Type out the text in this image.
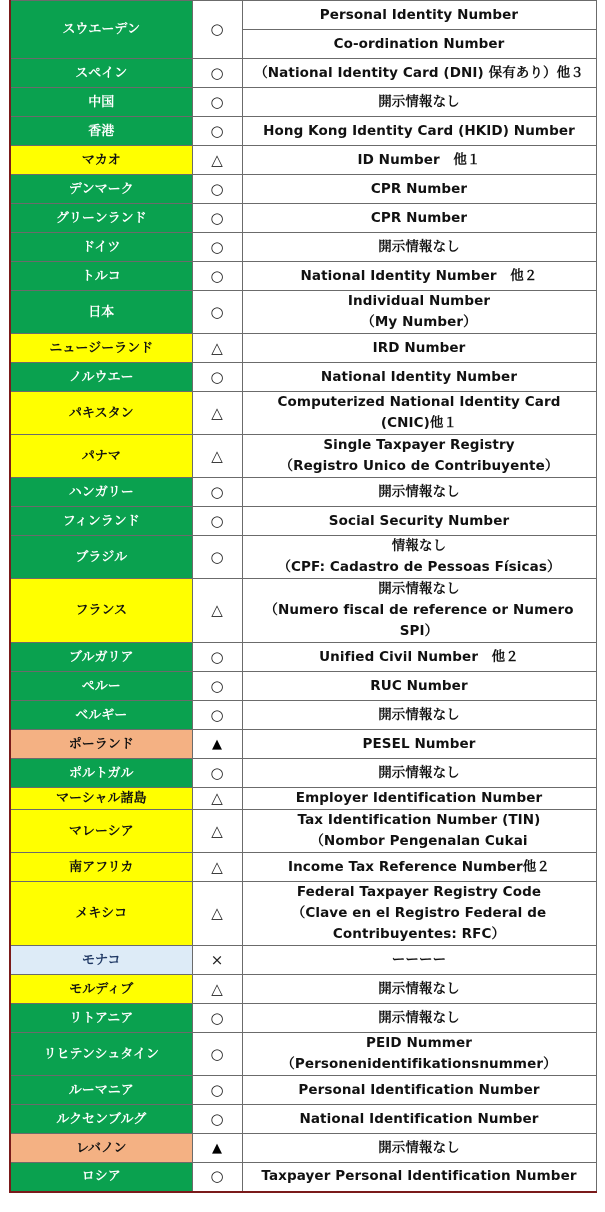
スウエーデン	○	Personal Identity Number

		Co-ordination Number

スペイン	○	（National Identity Card (DNI) 保有あり）他３

中国	○	開示情報なし

香港	○	Hong Kong Identity Card (HKID) Number

マカオ	△	ID Number　他１

デンマーク	○	CPR Number

グリーンランド	○	CPR Number

ドイツ	○	開示情報なし

トルコ	○	National Identity Number　他２

日本	○	Individual Number
（My Number）

ニュージーランド	△	IRD Number

ノルウエー	○	National Identity Number

パキスタン	△	Computerized National Identity Card
(CNIC)他１

パナマ	△	Single Taxpayer Registry
（Registro Unico de Contribuyente）

ハンガリー	○	開示情報なし

フィンランド	○	Social Security Number

ブラジル	○	情報なし
（CPF: Cadastro de Pessoas Físicas）

フランス	△	開示情報なし
（Numero fiscal de reference or Numero
SPI）

ブルガリア	○	Unified Civil Number　他２

ペルー	○	RUC Number

ベルギー	○	開示情報なし

ポーランド	▲	PESEL Number

ポルトガル	○	開示情報なし

マーシャル諸島	△	Employer Identification Number

マレーシア	△	Tax Identification Number (TIN)
（Nombor Pengenalan Cukai

南アフリカ	△	Income Tax Reference Number他２

メキシコ	△	Federal Taxpayer Registry Code
（Clave en el Registro Federal de
Contribuyentes: RFC）

モナコ	×	ーーーー

モルディブ	△	開示情報なし

リトアニア	○	開示情報なし

リヒテンシュタイン	○	PEID Nummer
（Personenidentifikationsnummer）

ルーマニア	○	Personal Identification Number

ルクセンブルグ	○	National Identification Number

レバノン	▲	開示情報なし

ロシア	○	Taxpayer Personal Identification Number
